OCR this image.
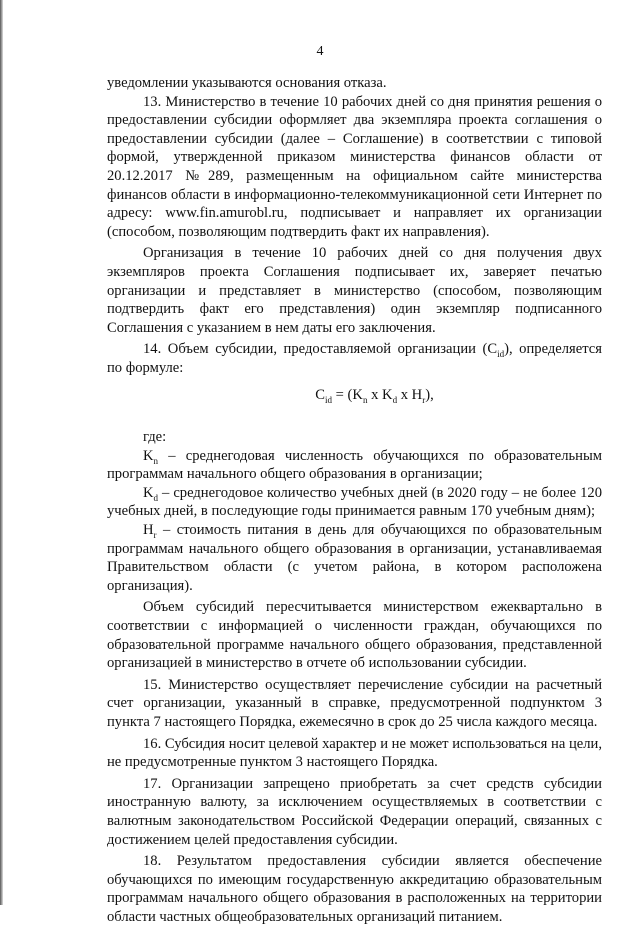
4

уведомлении указываются основания отказа.

13. Министерство в течение 10 рабочих дней со дня принятия решения о предоставлении субсидии оформляет два экземпляра проекта соглашения о предоставлении субсидии (далее – Соглашение) в соответствии с типовой формой, утвержденной приказом министерства финансов области от 20.12.2017 №289, размещенным на официальном сайте министерства финансов области в информационно-телекоммуникационной сети Интернет по адресу: www.fin.amurobl.ru, подписывает и направляет их организации (способом, позволяющим подтвердить факт их направления).

Организация в течение 10 рабочих дней со дня получения двух экземпляров проекта Соглашения подписывает их, заверяет печатью организации и представляет в министерство (способом, позволяющим подтвердить факт его представления) один экземпляр подписанного Соглашения с указанием в нем даты его заключения.

14. Объем субсидии, предоставляемой организации $(C_{id})$, определяется по формуле:

$C_{id} = (K_n$ x $K_d$ x $H_r$),

где:

$K_n$ – среднегодовая численность обучающихся по образовательным программам начального общего образования в организации;

$K_d$ – среднегодовое количество учебных дней (в 2020 году – не более 120 учебных дней, в последующие годы принимается равным 170 учебным дням);

$H_r$ – стоимость питания в день для обучающихся по образовательным программам начального общего образования в организации, устанавливаемая Правительством области (с учетом района, в котором расположена организация).

Объем субсидий пересчитывается министерством ежеквартально в соответствии с информацией о численности граждан, обучающихся по образовательной программе начального общего образования, представленной организацией в министерство в отчете об использовании субсидии.

15. Министерство осуществляет перечисление субсидии на расчетный счет организации, указанный в справке, предусмотренной подпунктом 3 пункта 7 настоящего Порядка, ежемесячно в срок до 25 числа каждого месяца.

16. Субсидия носит целевой характер и не может использоваться на цели, не предусмотренные пунктом 3 настоящего Порядка.

17. Организации запрещено приобретать за счет средств субсидии иностранную валюту, за исключением осуществляемых в соответствии с валютным законодательством Российской Федерации операций, связанных с достижением целей предоставления субсидии.

18. Результатом предоставления субсидии является обеспечение обучающихся по имеющим государственную аккредитацию образовательным программам начального общего образования в расположенных на территории области частных общеобразовательных организаций питанием.
